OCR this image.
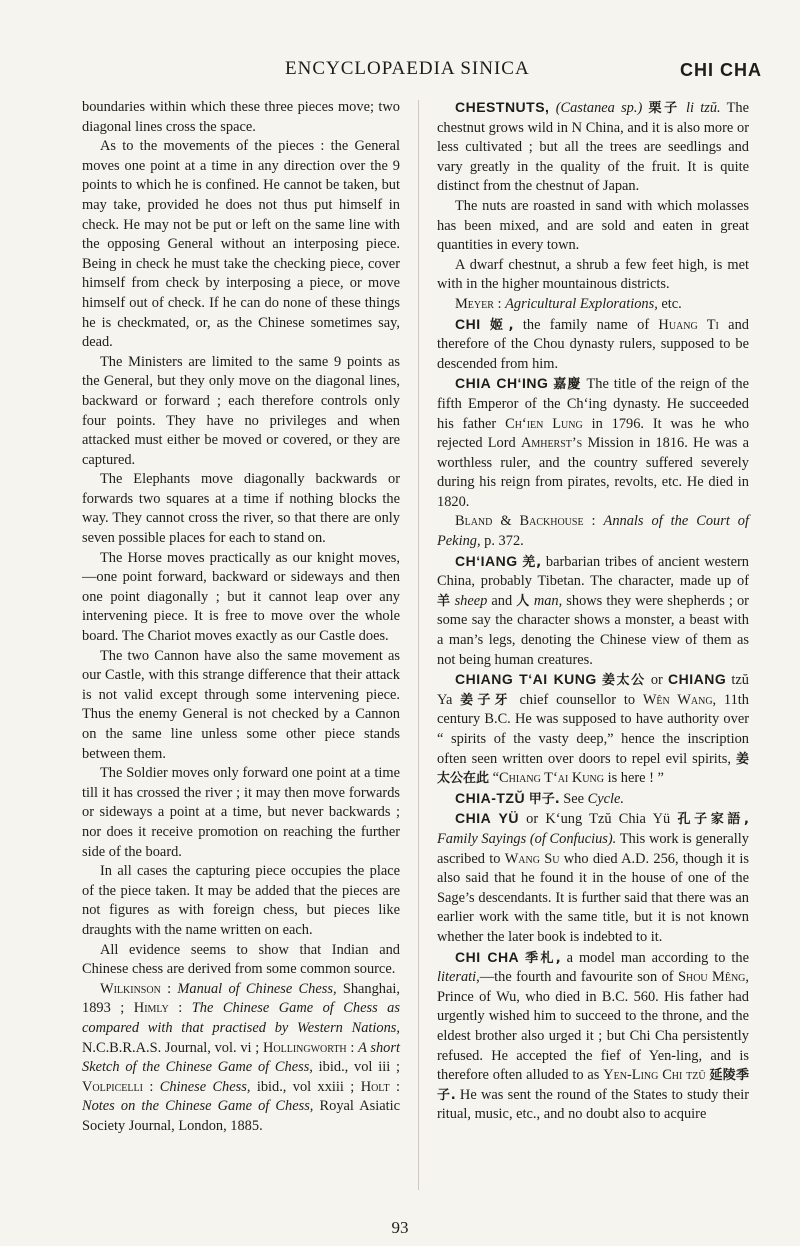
ENCYCLOPAEDIA SINICA	CHI CHA

boundaries within which these three pieces move; two diagonal lines cross the space.

As to the movements of the pieces : the General moves one point at a time in any direction over the 9 points to which he is confined. He cannot be taken, but may take, provided he does not thus put himself in check. He may not be put or left on the same line with the opposing General without an interposing piece. Being in check he must take the checking piece, cover himself from check by interposing a piece, or move himself out of check. If he can do none of these things he is checkmated, or, as the Chinese sometimes say, dead.

The Ministers are limited to the same 9 points as the General, but they only move on the diagonal lines, backward or forward ; each therefore controls only four points. They have no privileges and when attacked must either be moved or covered, or they are captured.

The Elephants move diagonally backwards or forwards two squares at a time if nothing blocks the way. They cannot cross the river, so that there are only seven possible places for each to stand on.

The Horse moves practically as our knight moves,—one point forward, backward or sideways and then one point diagonally ; but it cannot leap over any intervening piece. It is free to move over the whole board. The Chariot moves exactly as our Castle does.

The two Cannon have also the same movement as our Castle, with this strange difference that their attack is not valid except through some intervening piece. Thus the enemy General is not checked by a Cannon on the same line unless some other piece stands between them.

The Soldier moves only forward one point at a time till it has crossed the river ; it may then move forwards or sideways a point at a time, but never backwards ; nor does it receive promotion on reaching the further side of the board.

In all cases the capturing piece occupies the place of the piece taken. It may be added that the pieces are not figures as with foreign chess, but pieces like draughts with the name written on each.

All evidence seems to show that Indian and Chinese chess are derived from some common source.

Wilkinson : Manual of Chinese Chess, Shanghai, 1893 ; Himly : The Chinese Game of Chess as compared with that practised by Western Nations, N.C.B.R.A.S. Journal, vol. vi ; Hollingworth : A short Sketch of the Chinese Game of Chess, ibid., vol iii ; Volpicelli : Chinese Chess, ibid., vol xxiii ; Holt : Notes on the Chinese Game of Chess, Royal Asiatic Society Journal, London, 1885.

CHESTNUTS, (Castanea sp.) 栗子 li tzŭ. The chestnut grows wild in N China, and it is also more or less cultivated ; but all the trees are seedlings and vary greatly in the quality of the fruit. It is quite distinct from the chestnut of Japan.

The nuts are roasted in sand with which molasses has been mixed, and are sold and eaten in great quantities in every town.

A dwarf chestnut, a shrub a few feet high, is met with in the higher mountainous districts.

Meyer : Agricultural Explorations, etc.

CHI 姬, the family name of Huang Ti and therefore of the Chou dynasty rulers, supposed to be descended from him.

CHIA CH‘ING 嘉慶 The title of the reign of the fifth Emperor of the Ch‘ing dynasty. He succeeded his father Ch‘ien Lung in 1796. It was he who rejected Lord Amherst’s Mission in 1816. He was a worthless ruler, and the country suffered severely during his reign from pirates, revolts, etc. He died in 1820.

Bland & Backhouse : Annals of the Court of Peking, p. 372.

CH‘IANG 羌, barbarian tribes of ancient western China, probably Tibetan. The character, made up of 羊 sheep and 人 man, shows they were shepherds ; or some say the character shows a monster, a beast with a man’s legs, denoting the Chinese view of them as not being human creatures.

CHIANG T‘AI KUNG 姜太公 or CHIANG tzŭ Ya 姜子牙 chief counsellor to Wên Wang, 11th century B.C. He was supposed to have authority over “ spirits of the vasty deep,” hence the inscription often seen written over doors to repel evil spirits, 姜太公在此 “Chiang T‘ai Kung is here ! ”

CHIA-TZŬ 甲子. See Cycle.

CHIA YÜ or K‘ung Tzŭ Chia Yü 孔子家語, Family Sayings (of Confucius). This work is generally ascribed to Wang Su who died A.D. 256, though it is also said that he found it in the house of one of the Sage’s descendants. It is further said that there was an earlier work with the same title, but it is not known whether the later book is indebted to it.

CHI CHA 季札, a model man according to the literati,—the fourth and favourite son of Shou Mêng, Prince of Wu, who died in B.C. 560. His father had urgently wished him to succeed to the throne, and the eldest brother also urged it ; but Chi Cha persistently refused. He accepted the fief of Yen-ling, and is therefore often alluded to as Yen-Ling Chi tzŭ 延陵季子. He was sent the round of the States to study their ritual, music, etc., and no doubt also to acquire

93
